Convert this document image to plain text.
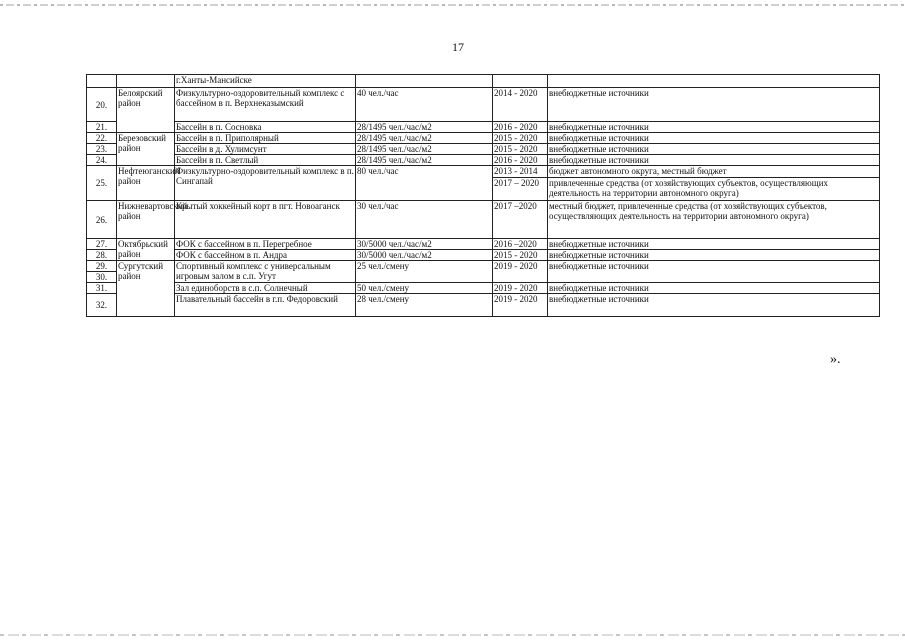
17
		г.Ханты-Мансийске			
20.	Белоярский район	Физкультурно-оздоровительный комплекс с бассейном в п. Верхнеказымский	40 чел./час	2014 - 2020	внебюджетные источники
21.		Бассейн в п. Сосновка	28/1495 чел./час/м2	2016 - 2020	внебюджетные источники
22.	Березовский район	Бассейн в п. Приполярный	28/1495 чел./час/м2	2015 - 2020	внебюджетные источники
23.		Бассейн в д. Хулимсунт	28/1495 чел./час/м2	2015 - 2020	внебюджетные источники
24.		Бассейн в п. Светлый	28/1495 чел./час/м2	2016 - 2020	внебюджетные источники
25.	Нефтеюганский район	Физкультурно-оздоровительный комплекс в п. Сингапай	80 чел./час	2013 - 2014	бюджет автономного округа, местный бюджет
				2017 – 2020	привлеченные средства (от хозяйствующих субъектов, осуществляющих деятельность на территории автономного округа)
26.	Нижневартовский район	Крытый хоккейный корт в пгт. Новоаганск	30 чел./час	2017 –2020	местный бюджет, привлеченные средства (от хозяйствующих субъектов, осуществляющих деятельность на территории автономного округа)
27.	Октябрьский район	ФОК с бассейном в п. Перегребное	30/5000 чел./час/м2	2016 –2020	внебюджетные источники
28.		ФОК с бассейном в п. Андра	30/5000 чел./час/м2	2015 - 2020	внебюджетные источники
29.	Сургутский район	Спортивный комплекс с универсальным игровым залом в с.п. Угут	25 чел./смену	2019 - 2020	внебюджетные источники
30.					
31.		Зал единоборств в с.п. Солнечный	50 чел./смену	2019 - 2020	внебюджетные источники
32.		Плавательный бассейн в г.п. Федоровский	28 чел./смену	2019 - 2020	внебюджетные источники
».
